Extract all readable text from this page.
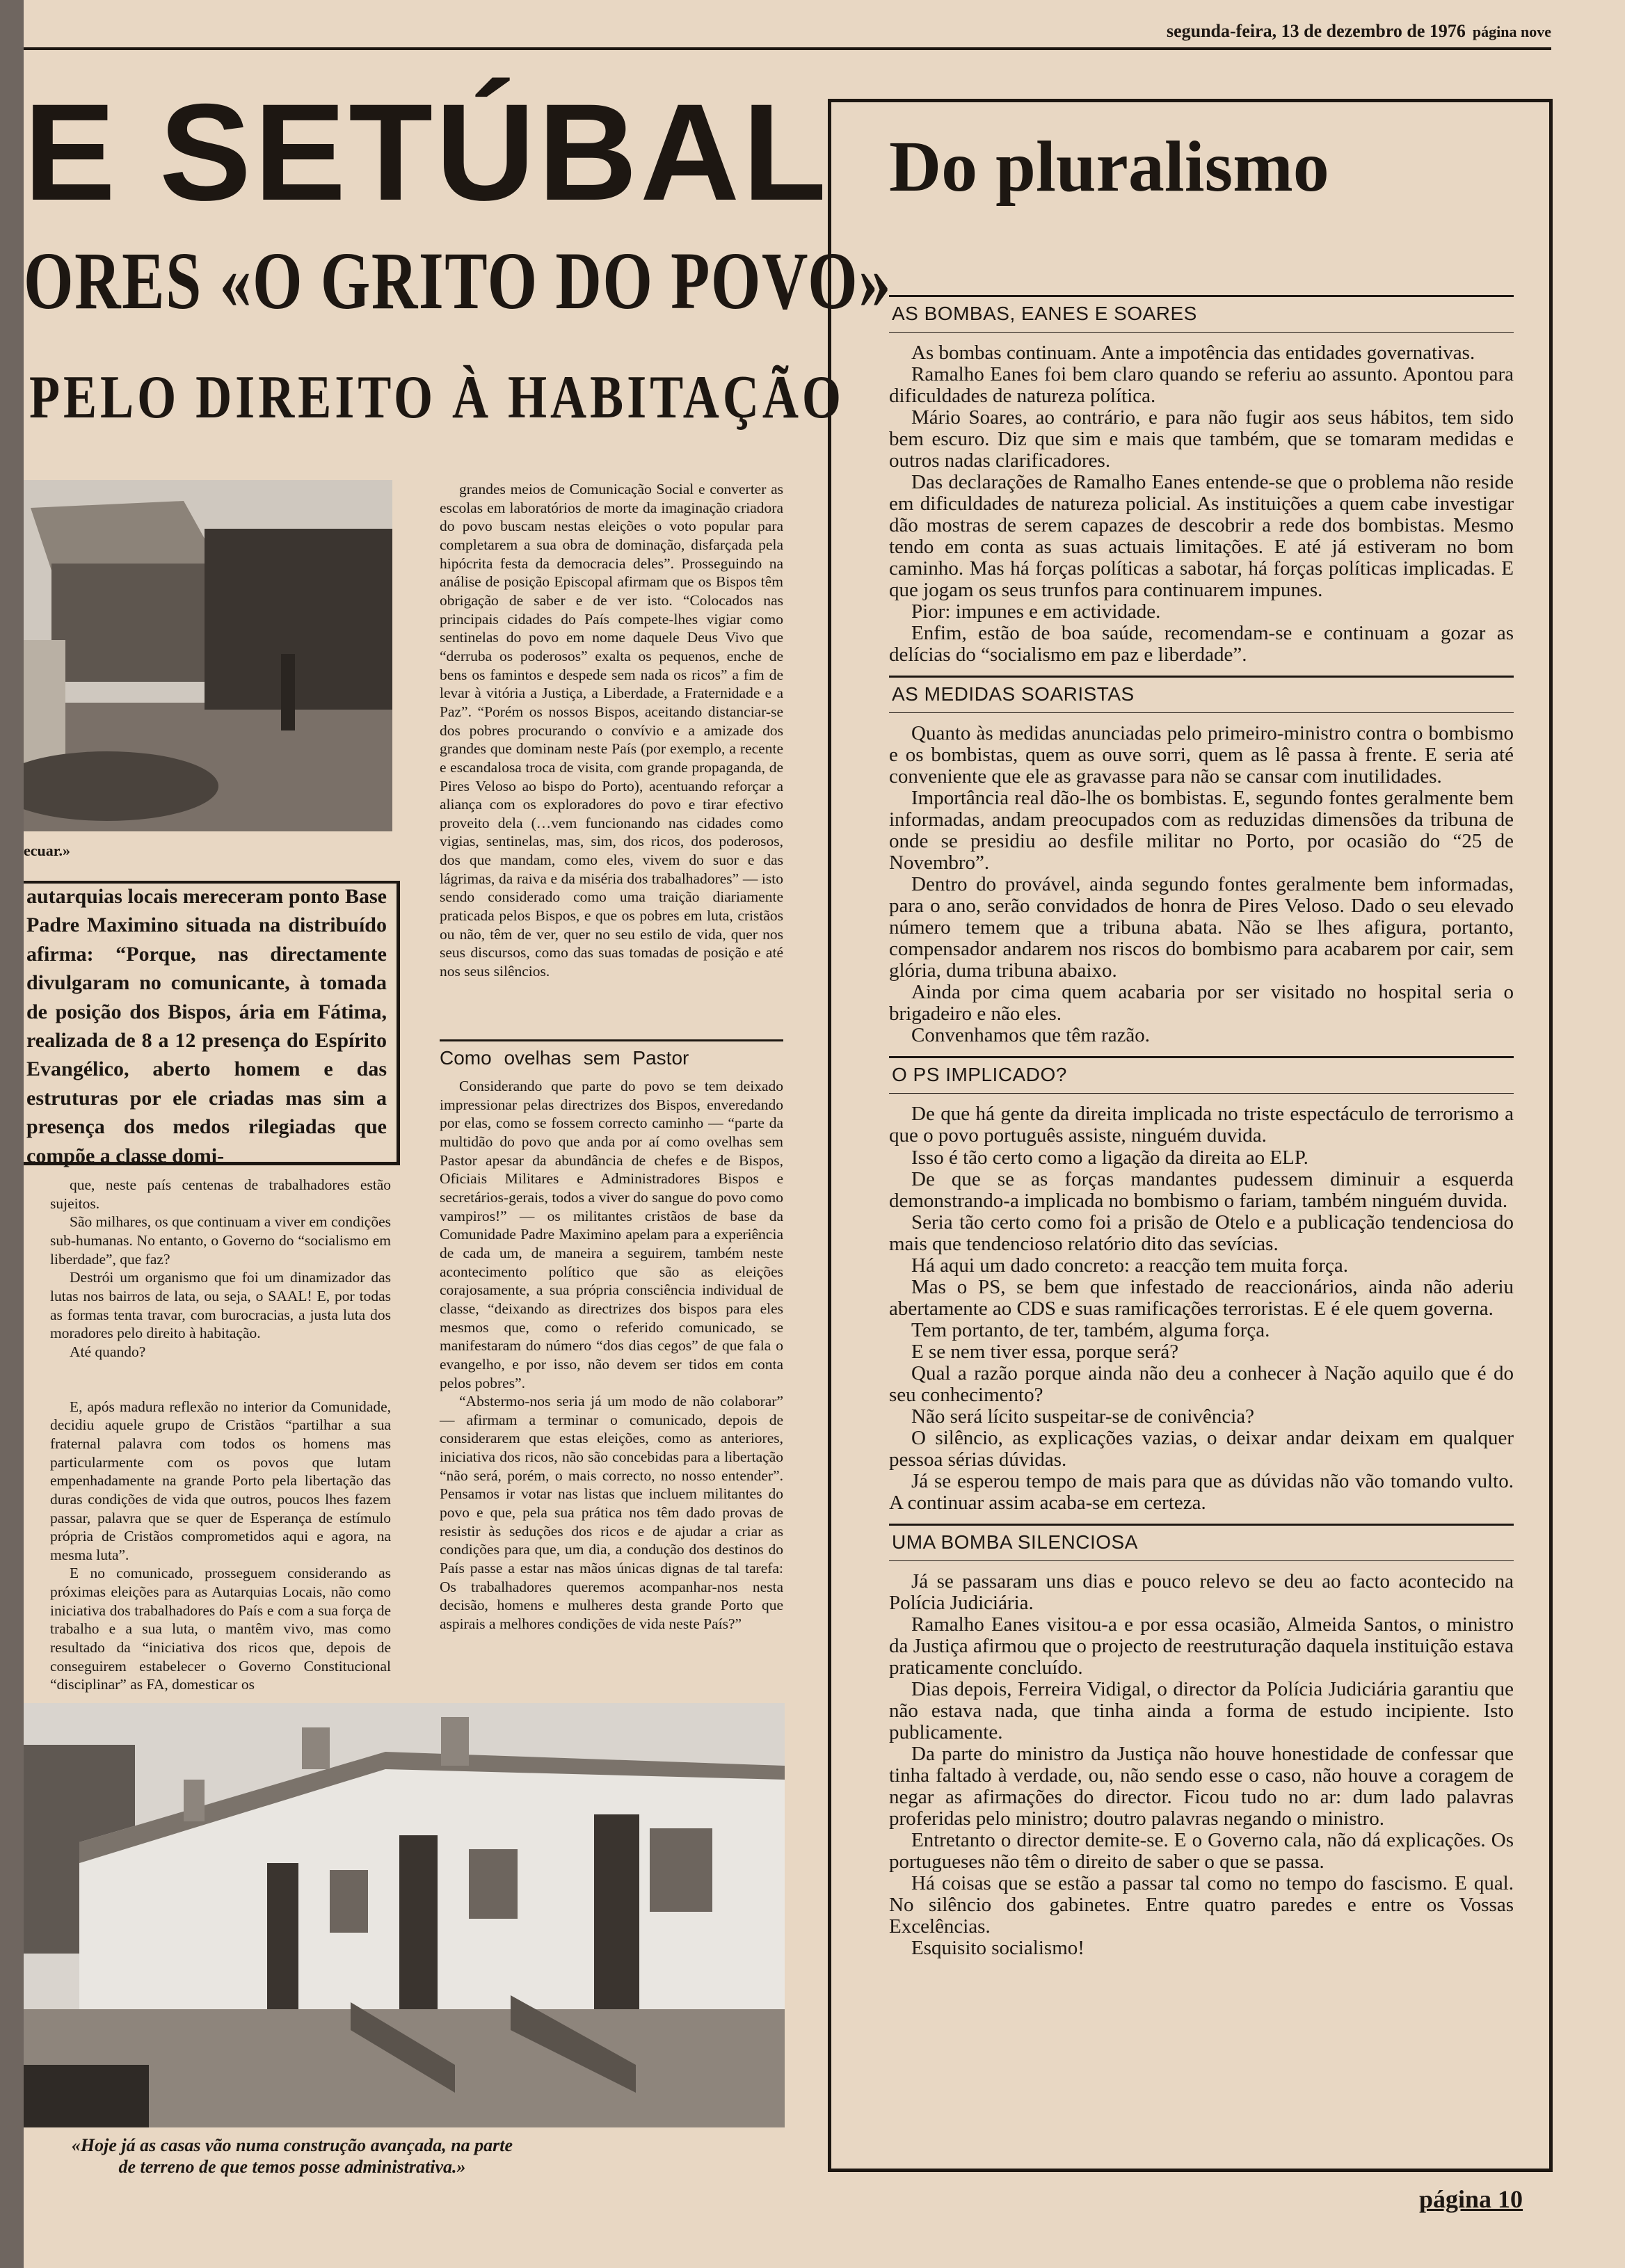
segunda-feira, 13 de dezembro de 1976 página nove
E SETÚBAL
ORES «O GRITO DO POVO»
PELO DIREITO À HABITAÇÃO
ecuar.»
autarquias locais mereceram ponto Base Padre Maximino situada na distribuído afirma: “Porque, nas directamente divulgaram no comunicante, à tomada de posição dos Bispos, ária em Fátima, realizada de 8 a 12 presença do Espírito Evangélico, aberto homem e das estruturas por ele criadas mas sim a presença dos medos rilegiadas que compõe a classe domi-

que, neste país centenas de trabalhadores estão sujeitos.

São milhares, os que continuam a viver em condições sub-humanas. No entanto, o Governo do “socialismo em liberdade”, que faz?

Destrói um organismo que foi um dinamizador das lutas nos bairros de lata, ou seja, o SAAL! E, por todas as formas tenta travar, com burocracias, a justa luta dos moradores pelo direito à habitação.

Até quando?

E, após madura reflexão no interior da Comunidade, decidiu aquele grupo de Cristãos “partilhar a sua fraternal palavra com todos os homens mas particularmente com os povos que lutam empenhadamente na grande Porto pela libertação das duras condições de vida que outros, poucos lhes fazem passar, palavra que se quer de Esperança de estímulo própria de Cristãos comprometidos aqui e agora, na mesma luta”.

E no comunicado, prosseguem considerando as próximas eleições para as Autarquias Locais, não como iniciativa dos trabalhadores do País e com a sua força de trabalho e a sua luta, o mantêm vivo, mas como resultado da “iniciativa dos ricos que, depois de conseguirem estabelecer o Governo Constitucional “disciplinar” as FA, domesticar os

grandes meios de Comunicação Social e converter as escolas em laboratórios de morte da imaginação criadora do povo buscam nestas eleições o voto popular para completarem a sua obra de dominação, disfarçada pela hipócrita festa da democracia deles”. Prosseguindo na análise de posição Episcopal afirmam que os Bispos têm obrigação de saber e de ver isto. “Colocados nas principais cidades do País compete-lhes vigiar como sentinelas do povo em nome daquele Deus Vivo que “derruba os poderosos” exalta os pequenos, enche de bens os famintos e despede sem nada os ricos” a fim de levar à vitória a Justiça, a Liberdade, a Fraternidade e a Paz”. “Porém os nossos Bispos, aceitando distanciar-se dos pobres procurando o convívio e a amizade dos grandes que dominam neste País (por exemplo, a recente e escandalosa troca de visita, com grande propaganda, de Pires Veloso ao bispo do Porto), acentuando reforçar a aliança com os exploradores do povo e tirar efectivo proveito dela (…vem funcionando nas cidades como vigias, sentinelas, mas, sim, dos ricos, dos poderosos, dos que mandam, como eles, vivem do suor e das lágrimas, da raiva e da miséria dos trabalhadores” — isto sendo considerado como uma traição diariamente praticada pelos Bispos, e que os pobres em luta, cristãos ou não, têm de ver, quer no seu estilo de vida, quer nos seus discursos, como das suas tomadas de posição e até nos seus silêncios.

Como ovelhas sem Pastor

Considerando que parte do povo se tem deixado impressionar pelas directrizes dos Bispos, enveredando por elas, como se fossem correcto caminho — “parte da multidão do povo que anda por aí como ovelhas sem Pastor apesar da abundância de chefes e de Bispos, Oficiais Militares e Administradores Bispos e secretários-gerais, todos a viver do sangue do povo como vampiros!” — os militantes cristãos de base da Comunidade Padre Maximino apelam para a experiência de cada um, de maneira a seguirem, também neste acontecimento político que são as eleições corajosamente, a sua própria consciência individual de classe, “deixando as directrizes dos bispos para eles mesmos que, como o referido comunicado, se manifestaram do número “dos dias cegos” de que fala o evangelho, e por isso, não devem ser tidos em conta pelos pobres”.

“Abstermo-nos seria já um modo de não colaborar” — afirmam a terminar o comunicado, depois de considerarem que estas eleições, como as anteriores, iniciativa dos ricos, não são concebidas para a libertação “não será, porém, o mais correcto, no nosso entender”. Pensamos ir votar nas listas que incluem militantes do povo e que, pela sua prática nos têm dado provas de resistir às seduções dos ricos e de ajudar a criar as condições para que, um dia, a condução dos destinos do País passe a estar nas mãos únicas dignas de tal tarefa: Os trabalhadores queremos acompanhar-nos nesta decisão, homens e mulheres desta grande Porto que aspirais a melhores condições de vida neste País?”

«Hoje já as casas vão numa construção avançada, na parte de terreno de que temos posse administrativa.»
Do pluralismo
AS BOMBAS, EANES E SOARES

As bombas continuam. Ante a impotência das entidades governativas.

Ramalho Eanes foi bem claro quando se referiu ao assunto. Apontou para dificuldades de natureza política.

Mário Soares, ao contrário, e para não fugir aos seus hábitos, tem sido bem escuro. Diz que sim e mais que também, que se tomaram medidas e outros nadas clarificadores.

Das declarações de Ramalho Eanes entende-se que o problema não reside em dificuldades de natureza policial. As instituições a quem cabe investigar dão mostras de serem capazes de descobrir a rede dos bombistas. Mesmo tendo em conta as suas actuais limitações. E até já estiveram no bom caminho. Mas há forças políticas a sabotar, há forças políticas implicadas. E que jogam os seus trunfos para continuarem impunes.

Pior: impunes e em actividade.

Enfim, estão de boa saúde, recomendam-se e continuam a gozar as delícias do “socialismo em paz e liberdade”.

AS MEDIDAS SOARISTAS

Quanto às medidas anunciadas pelo primeiro-ministro contra o bombismo e os bombistas, quem as ouve sorri, quem as lê passa à frente. E seria até conveniente que ele as gravasse para não se cansar com inutilidades.

Importância real dão-lhe os bombistas. E, segundo fontes geralmente bem informadas, andam preocupados com as reduzidas dimensões da tribuna de onde se presidiu ao desfile militar no Porto, por ocasião do “25 de Novembro”.

Dentro do provável, ainda segundo fontes geralmente bem informadas, para o ano, serão convidados de honra de Pires Veloso. Dado o seu elevado número temem que a tribuna abata. Não se lhes afigura, portanto, compensador andarem nos riscos do bombismo para acabarem por cair, sem glória, duma tribuna abaixo.

Ainda por cima quem acabaria por ser visitado no hospital seria o brigadeiro e não eles.

Convenhamos que têm razão.

O PS IMPLICADO?

De que há gente da direita implicada no triste espectáculo de terrorismo a que o povo português assiste, ninguém duvida.

Isso é tão certo como a ligação da direita ao ELP.

De que se as forças mandantes pudessem diminuir a esquerda demonstrando-a implicada no bombismo o fariam, também ninguém duvida.

Seria tão certo como foi a prisão de Otelo e a publicação tendenciosa do mais que tendencioso relatório dito das sevícias.

Há aqui um dado concreto: a reacção tem muita força.

Mas o PS, se bem que infestado de reaccionários, ainda não aderiu abertamente ao CDS e suas ramificações terroristas. E é ele quem governa.

Tem portanto, de ter, também, alguma força.

E se nem tiver essa, porque será?

Qual a razão porque ainda não deu a conhecer à Nação aquilo que é do seu conhecimento?

Não será lícito suspeitar-se de conivência?

O silêncio, as explicações vazias, o deixar andar deixam em qualquer pessoa sérias dúvidas.

Já se esperou tempo de mais para que as dúvidas não vão tomando vulto. A continuar assim acaba-se em certeza.

UMA BOMBA SILENCIOSA

Já se passaram uns dias e pouco relevo se deu ao facto acontecido na Polícia Judiciária.

Ramalho Eanes visitou-a e por essa ocasião, Almeida Santos, o ministro da Justiça afirmou que o projecto de reestruturação daquela instituição estava praticamente concluído.

Dias depois, Ferreira Vidigal, o director da Polícia Judiciária garantiu que não estava nada, que tinha ainda a forma de estudo incipiente. Isto publicamente.

Da parte do ministro da Justiça não houve honestidade de confessar que tinha faltado à verdade, ou, não sendo esse o caso, não houve a coragem de negar as afirmações do director. Ficou tudo no ar: dum lado palavras proferidas pelo ministro; doutro palavras negando o ministro.

Entretanto o director demite-se. E o Governo cala, não dá explicações. Os portugueses não têm o direito de saber o que se passa.

Há coisas que se estão a passar tal como no tempo do fascismo. E qual. No silêncio dos gabinetes. Entre quatro paredes e entre os Vossas Excelências.

Esquisito socialismo!

página 10
